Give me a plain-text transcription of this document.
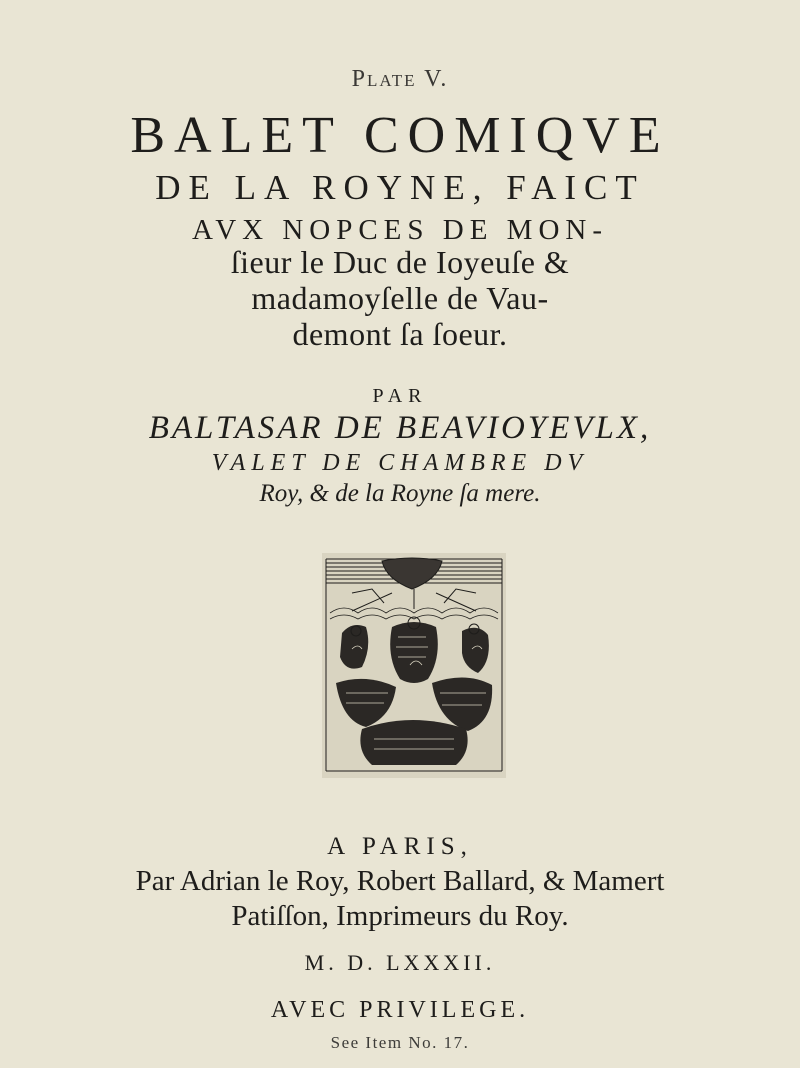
Plate V.
BALET COMIQVE
DE LA ROYNE, FAICT
AVX NOPCES DE MON-
ſieur le Duc de Ioyeuſe &
madamoyſelle de Vau-
demont ſa ſoeur.
PAR
BALTASAR DE BEAVIOYEVLX,
VALET DE CHAMBRE DV
Roy, & de la Royne ſa mere.
A PARIS,
Par Adrian le Roy, Robert Ballard, & Mamert
Patiſſon, Imprimeurs du Roy.
M. D. LXXXII.
AVEC PRIVILEGE.
See Item No. 17.
